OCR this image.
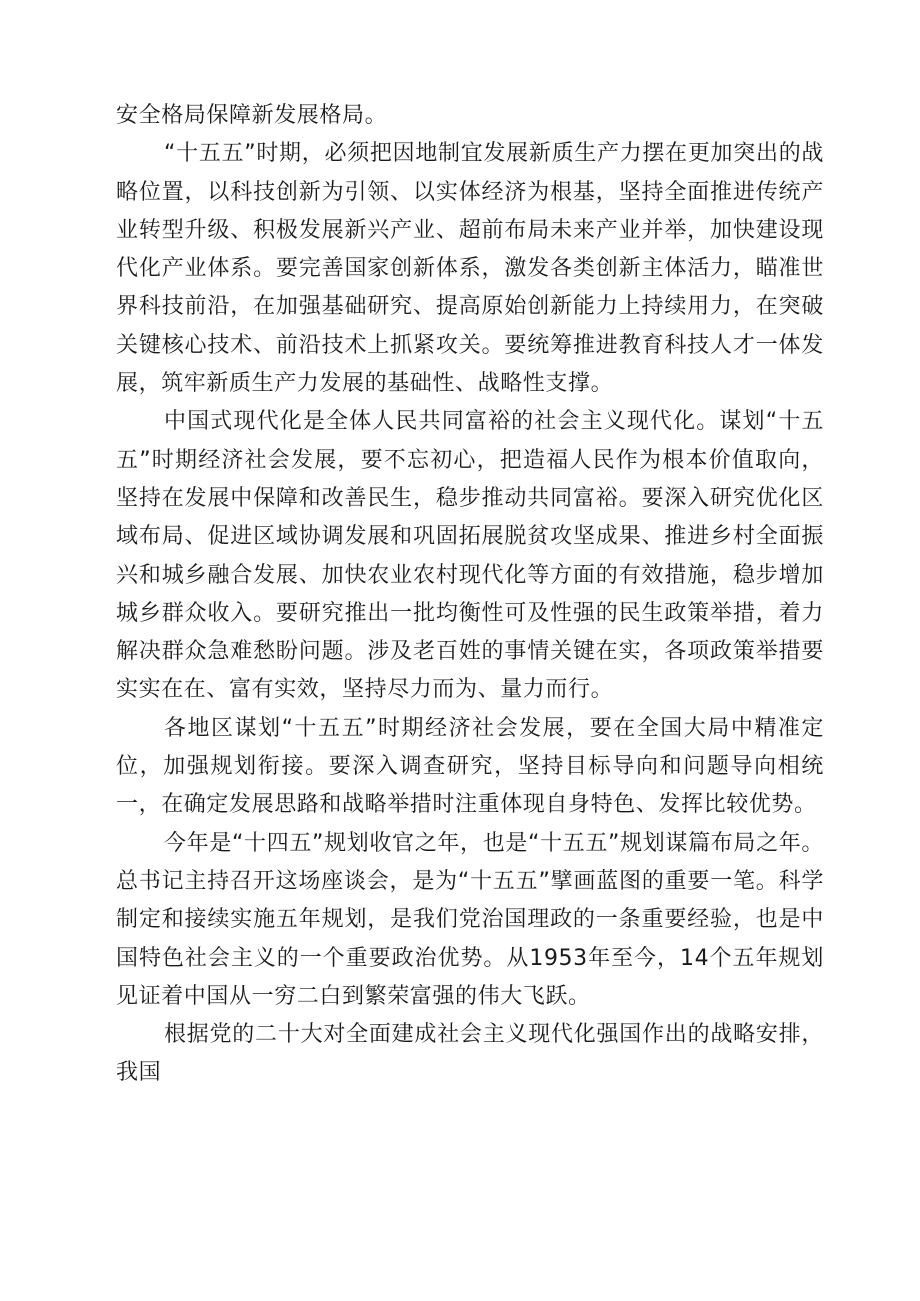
安全格局保障新发展格局。

“十五五”时期，必须把因地制宜发展新质生产力摆在更加突出的战略位置，以科技创新为引领、以实体经济为根基，坚持全面推进传统产业转型升级、积极发展新兴产业、超前布局未来产业并举，加快建设现代化产业体系。要完善国家创新体系，激发各类创新主体活力，瞄准世界科技前沿，在加强基础研究、提高原始创新能力上持续用力，在突破关键核心技术、前沿技术上抓紧攻关。要统筹推进教育科技人才一体发展，筑牢新质生产力发展的基础性、战略性支撑。

中国式现代化是全体人民共同富裕的社会主义现代化。谋划“十五五”时期经济社会发展，要不忘初心，把造福人民作为根本价值取向，坚持在发展中保障和改善民生，稳步推动共同富裕。要深入研究优化区域布局、促进区域协调发展和巩固拓展脱贫攻坚成果、推进乡村全面振兴和城乡融合发展、加快农业农村现代化等方面的有效措施，稳步增加城乡群众收入。要研究推出一批均衡性可及性强的民生政策举措，着力解决群众急难愁盼问题。涉及老百姓的事情关键在实，各项政策举措要实实在在、富有实效，坚持尽力而为、量力而行。

各地区谋划“十五五”时期经济社会发展，要在全国大局中精准定位，加强规划衔接。要深入调查研究，坚持目标导向和问题导向相统一，在确定发展思路和战略举措时注重体现自身特色、发挥比较优势。

今年是“十四五”规划收官之年，也是“十五五”规划谋篇布局之年。总书记主持召开这场座谈会，是为“十五五”擘画蓝图的重要一笔。科学制定和接续实施五年规划，是我们党治国理政的一条重要经验，也是中国特色社会主义的一个重要政治优势。从1953年至今，14个五年规划见证着中国从一穷二白到繁荣富强的伟大飞跃。

根据党的二十大对全面建成社会主义现代化强国作出的战略安排，我国
